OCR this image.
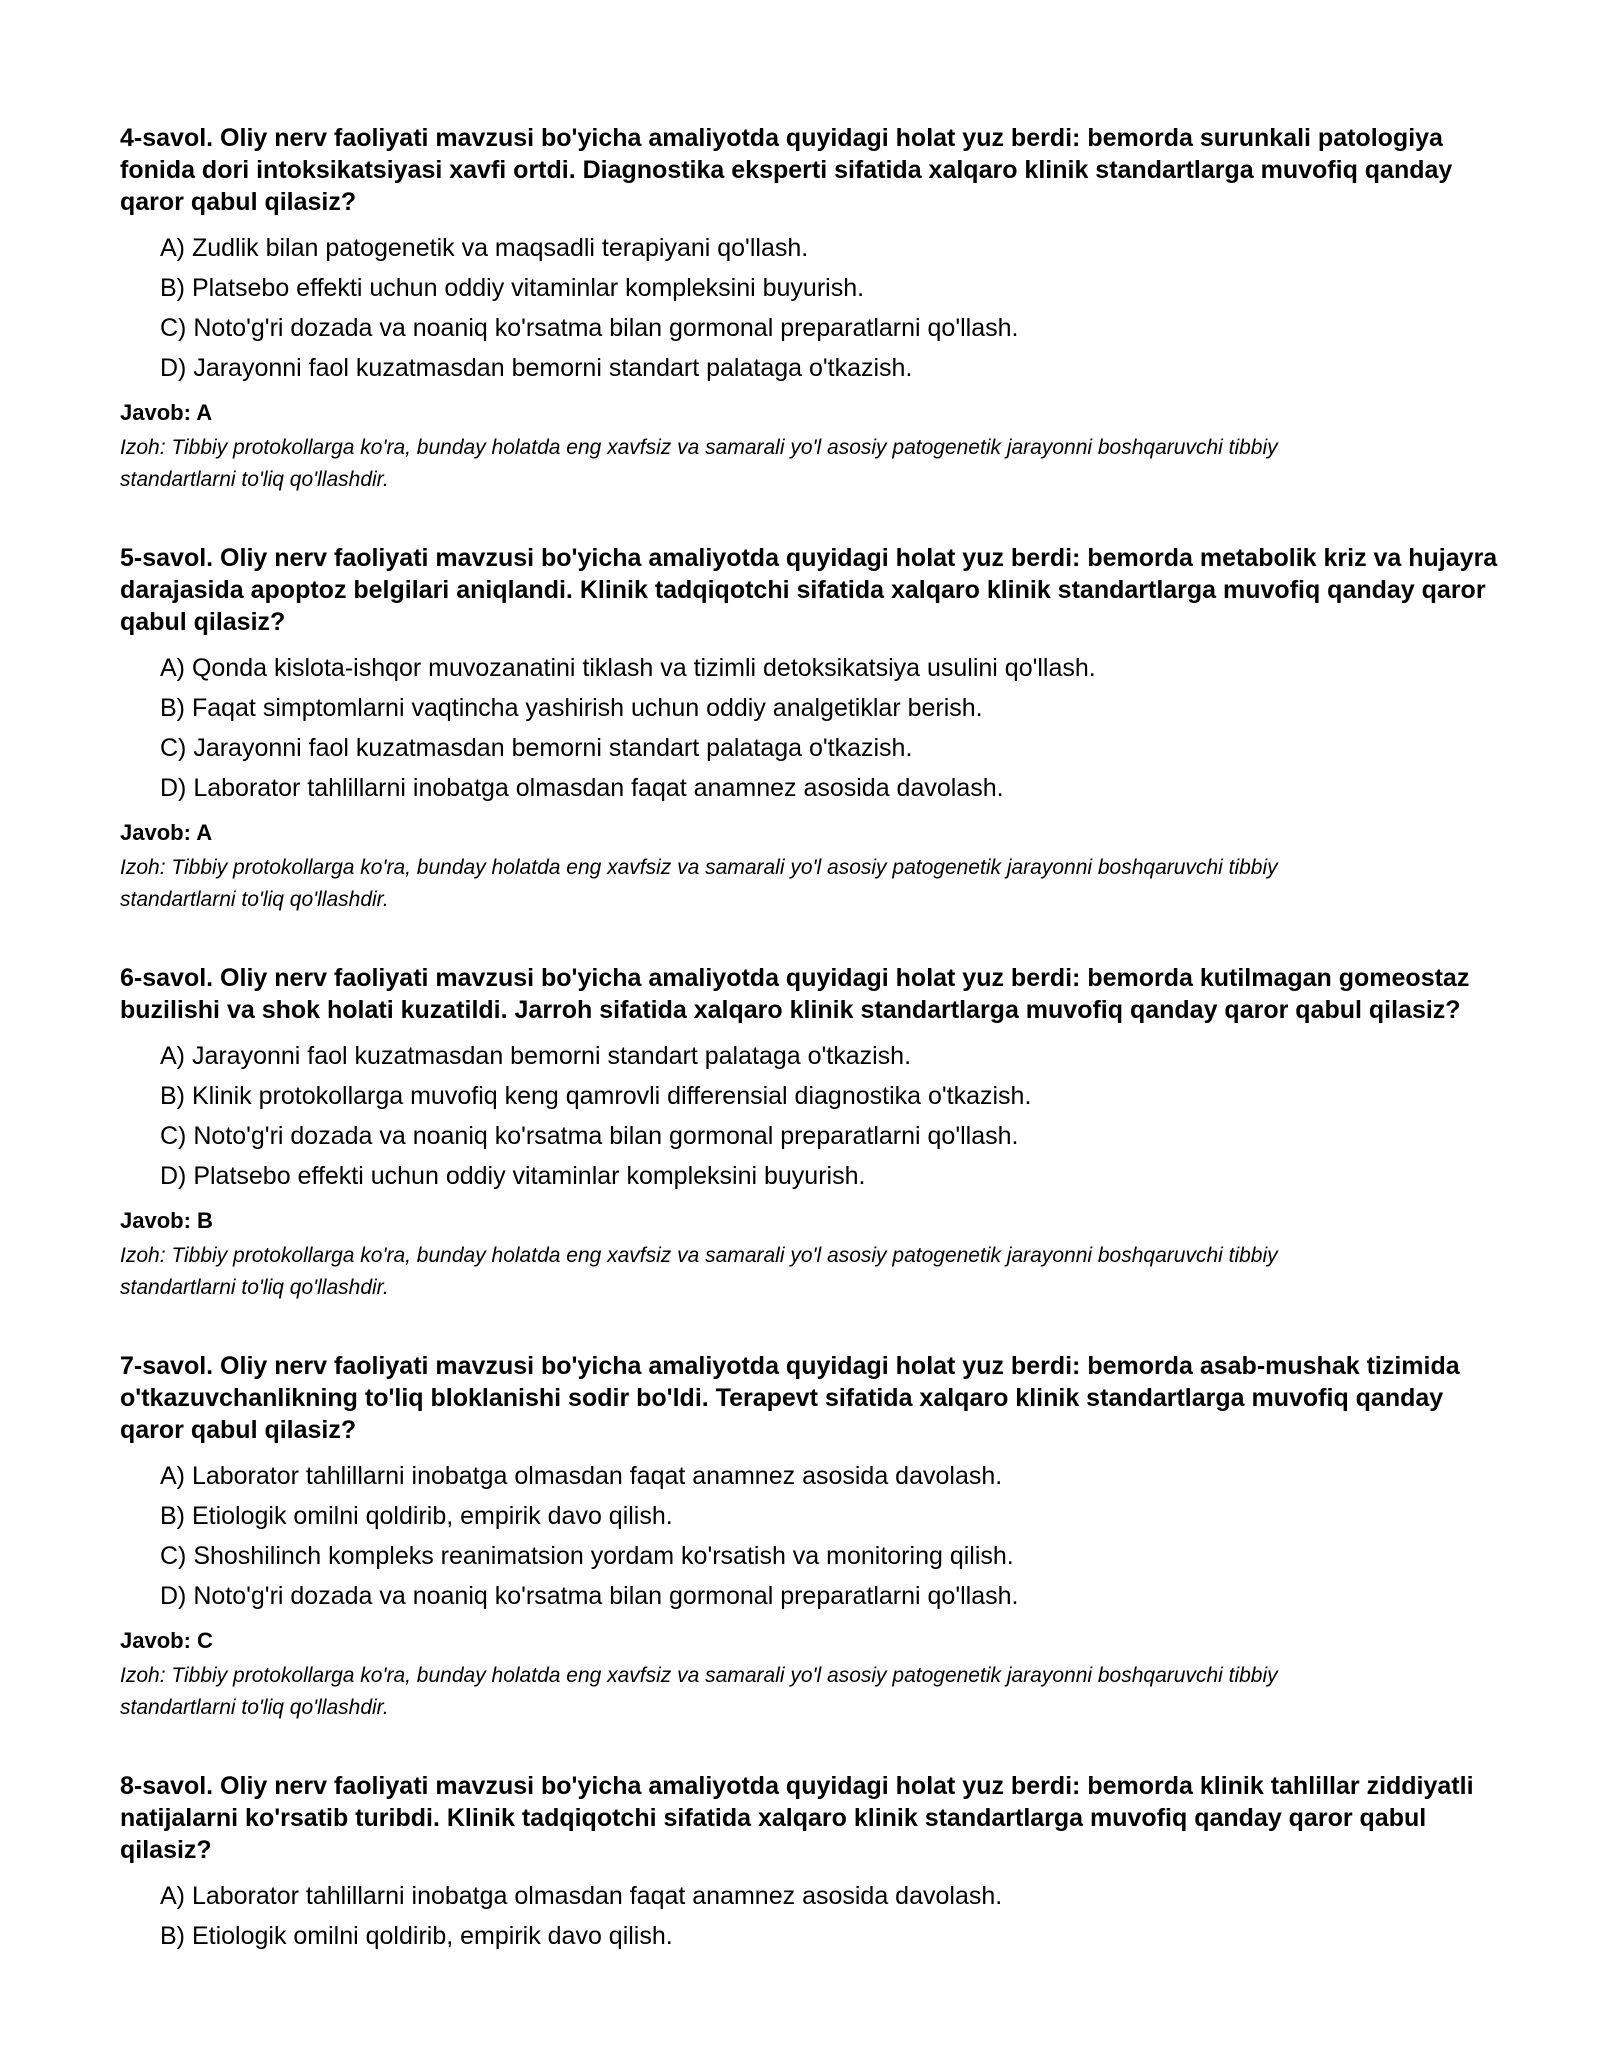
4-savol. Oliy nerv faoliyati mavzusi bo'yicha amaliyotda quyidagi holat yuz berdi: bemorda surunkali patologiya fonida dori intoksikatsiyasi xavfi ortdi. Diagnostika eksperti sifatida xalqaro klinik standartlarga muvofiq qanday qaror qabul qilasiz?

A) Zudlik bilan patogenetik va maqsadli terapiyani qo'llash.
B) Platsebo effekti uchun oddiy vitaminlar kompleksini buyurish.
C) Noto'g'ri dozada va noaniq ko'rsatma bilan gormonal preparatlarni qo'llash.
D) Jarayonni faol kuzatmasdan bemorni standart palataga o'tkazish.

Javob: A

Izoh: Tibbiy protokollarga ko'ra, bunday holatda eng xavfsiz va samarali yo'l asosiy patogenetik jarayonni boshqaruvchi tibbiy standartlarni to'liq qo'llashdir.

5-savol. Oliy nerv faoliyati mavzusi bo'yicha amaliyotda quyidagi holat yuz berdi: bemorda metabolik kriz va hujayra darajasida apoptoz belgilari aniqlandi. Klinik tadqiqotchi sifatida xalqaro klinik standartlarga muvofiq qanday qaror qabul qilasiz?

A) Qonda kislota-ishqor muvozanatini tiklash va tizimli detoksikatsiya usulini qo'llash.
B) Faqat simptomlarni vaqtincha yashirish uchun oddiy analgetiklar berish.
C) Jarayonni faol kuzatmasdan bemorni standart palataga o'tkazish.
D) Laborator tahlillarni inobatga olmasdan faqat anamnez asosida davolash.

Javob: A

Izoh: Tibbiy protokollarga ko'ra, bunday holatda eng xavfsiz va samarali yo'l asosiy patogenetik jarayonni boshqaruvchi tibbiy standartlarni to'liq qo'llashdir.

6-savol. Oliy nerv faoliyati mavzusi bo'yicha amaliyotda quyidagi holat yuz berdi: bemorda kutilmagan gomeostaz buzilishi va shok holati kuzatildi. Jarroh sifatida xalqaro klinik standartlarga muvofiq qanday qaror qabul qilasiz?

A) Jarayonni faol kuzatmasdan bemorni standart palataga o'tkazish.
B) Klinik protokollarga muvofiq keng qamrovli differensial diagnostika o'tkazish.
C) Noto'g'ri dozada va noaniq ko'rsatma bilan gormonal preparatlarni qo'llash.
D) Platsebo effekti uchun oddiy vitaminlar kompleksini buyurish.

Javob: B

Izoh: Tibbiy protokollarga ko'ra, bunday holatda eng xavfsiz va samarali yo'l asosiy patogenetik jarayonni boshqaruvchi tibbiy standartlarni to'liq qo'llashdir.

7-savol. Oliy nerv faoliyati mavzusi bo'yicha amaliyotda quyidagi holat yuz berdi: bemorda asab-mushak tizimida o'tkazuvchanlikning to'liq bloklanishi sodir bo'ldi. Terapevt sifatida xalqaro klinik standartlarga muvofiq qanday qaror qabul qilasiz?

A) Laborator tahlillarni inobatga olmasdan faqat anamnez asosida davolash.
B) Etiologik omilni qoldirib, empirik davo qilish.
C) Shoshilinch kompleks reanimatsion yordam ko'rsatish va monitoring qilish.
D) Noto'g'ri dozada va noaniq ko'rsatma bilan gormonal preparatlarni qo'llash.

Javob: C

Izoh: Tibbiy protokollarga ko'ra, bunday holatda eng xavfsiz va samarali yo'l asosiy patogenetik jarayonni boshqaruvchi tibbiy standartlarni to'liq qo'llashdir.

8-savol. Oliy nerv faoliyati mavzusi bo'yicha amaliyotda quyidagi holat yuz berdi: bemorda klinik tahlillar ziddiyatli natijalarni ko'rsatib turibdi. Klinik tadqiqotchi sifatida xalqaro klinik standartlarga muvofiq qanday qaror qabul qilasiz?

A) Laborator tahlillarni inobatga olmasdan faqat anamnez asosida davolash.
B) Etiologik omilni qoldirib, empirik davo qilish.
